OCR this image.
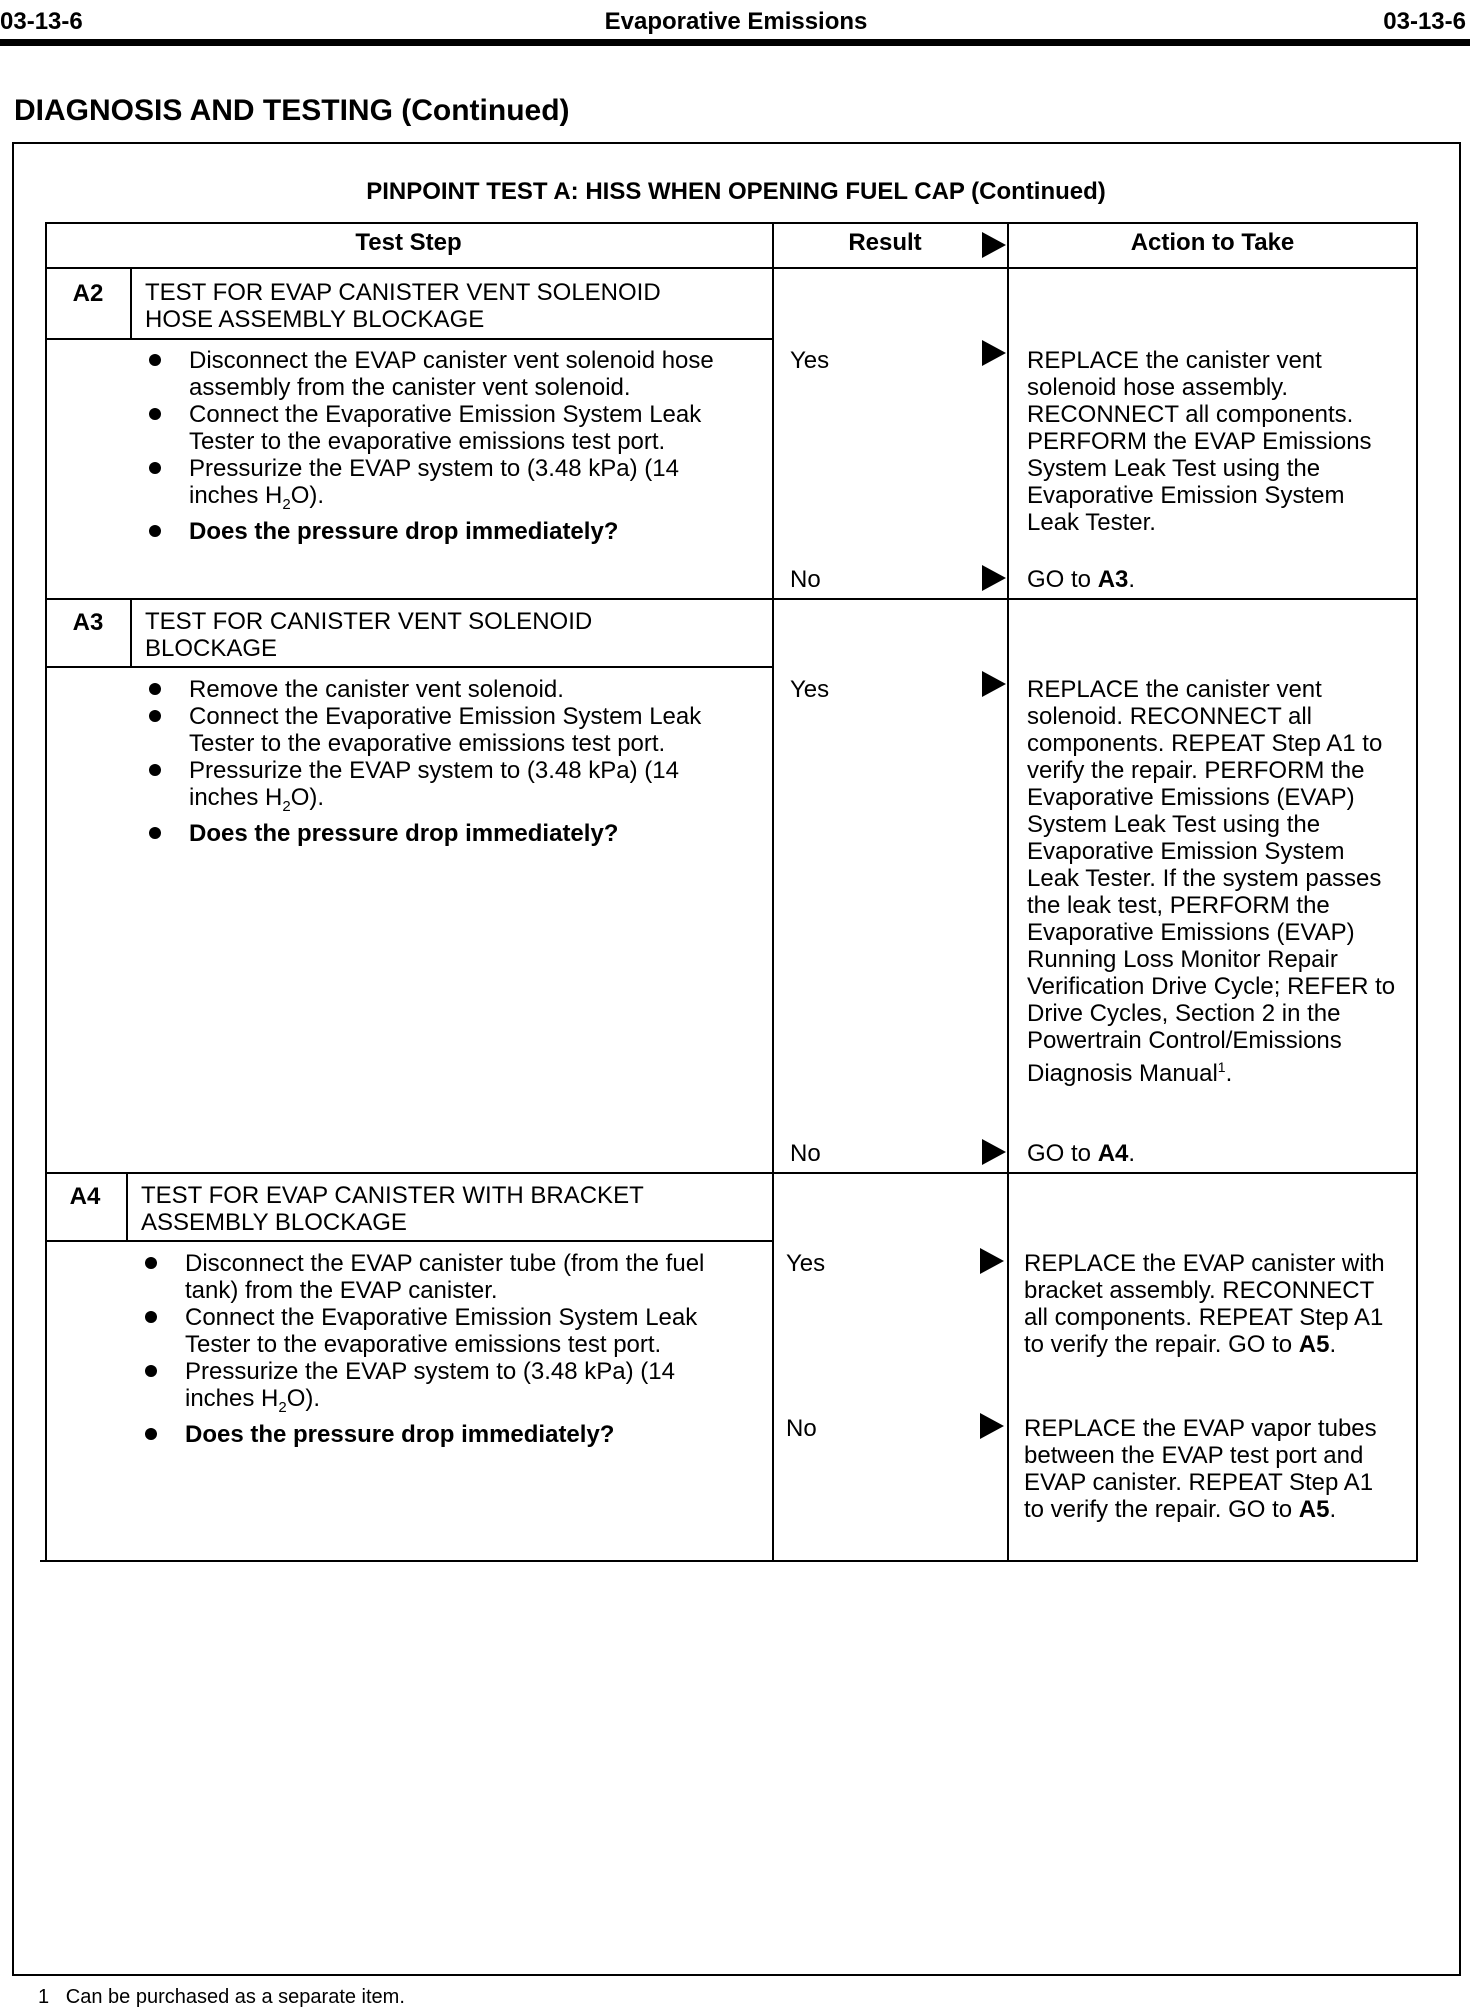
03-13-6	Evaporative Emissions	03-13-6
DIAGNOSIS AND TESTING (Continued)
PINPOINT TEST A: HISS WHEN OPENING FUEL CAP (Continued)
Test Step	Result	Action to Take
A2	TEST FOR EVAP CANISTER VENT SOLENOID
HOSE ASSEMBLY BLOCKAGE
Disconnect the EVAP canister vent solenoid hose assembly from the canister vent solenoid.
Connect the Evaporative Emission System Leak Tester to the evaporative emissions test port.
Pressurize the EVAP system to (3.48 kPa) (14 inches $H_2O$).
Does the pressure drop immediately?
Yes	REPLACE the canister vent solenoid hose assembly. RECONNECT all components. PERFORM the EVAP Emissions System Leak Test using the Evaporative Emission System Leak Tester.
No	GO to A3.
A3	TEST FOR CANISTER VENT SOLENOID
BLOCKAGE
Remove the canister vent solenoid.
Connect the Evaporative Emission System Leak Tester to the evaporative emissions test port.
Pressurize the EVAP system to (3.48 kPa) (14 inches $H_2O$).
Does the pressure drop immediately?
Yes	REPLACE the canister vent solenoid. RECONNECT all components. REPEAT Step A1 to verify the repair. PERFORM the Evaporative Emissions (EVAP) System Leak Test using the Evaporative Emission System Leak Tester. If the system passes the leak test, PERFORM the Evaporative Emissions (EVAP) Running Loss Monitor Repair Verification Drive Cycle; REFER to Drive Cycles, Section 2 in the Powertrain Control/Emissions Diagnosis Manual$^1$.
No	GO to A4.
A4	TEST FOR EVAP CANISTER WITH BRACKET
ASSEMBLY BLOCKAGE
Disconnect the EVAP canister tube (from the fuel tank) from the EVAP canister.
Connect the Evaporative Emission System Leak Tester to the evaporative emissions test port.
Pressurize the EVAP system to (3.48 kPa) (14 inches $H_2O$).
Does the pressure drop immediately?
Yes	REPLACE the EVAP canister with bracket assembly. RECONNECT all components. REPEAT Step A1 to verify the repair. GO to A5.
No	REPLACE the EVAP vapor tubes between the EVAP test port and EVAP canister. REPEAT Step A1 to verify the repair. GO to A5.
1 Can be purchased as a separate item.
